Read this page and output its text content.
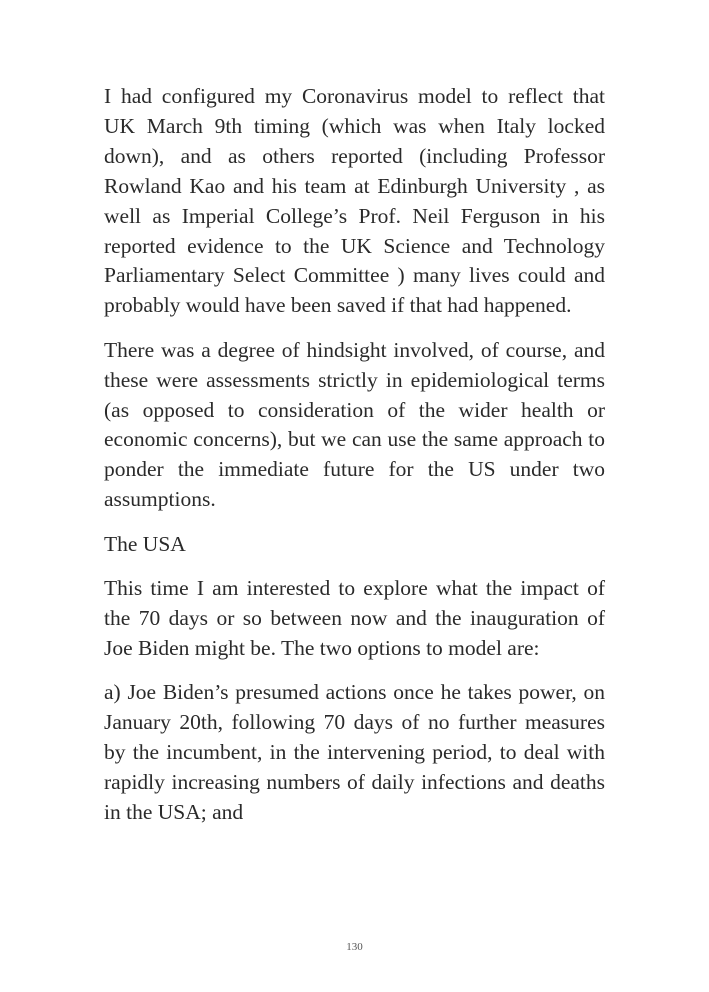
I had configured my Coronavirus model to reflect that UK March 9th timing (which was when Italy locked down), and as others reported (including Professor Rowland Kao and his team at Edinburgh University , as well as Imperial College’s Prof. Neil Ferguson in his reported evidence to the UK Science and Technology Parliamentary Select Committee ) many lives could and probably would have been saved if that had happened.

There was a degree of hindsight involved, of course, and these were assessments strictly in epidemiological terms (as opposed to consideration of the wider health or economic concerns), but we can use the same approach to ponder the immediate future for the US under two assumptions.

The USA

This time I am interested to explore what the impact of the 70 days or so between now and the inauguration of Joe Biden might be. The two options to model are:

a) Joe Biden’s presumed actions once he takes power, on January 20th, following 70 days of no further measures by the incumbent, in the intervening period, to deal with rapidly increasing numbers of daily infections and deaths in the USA; and

130
